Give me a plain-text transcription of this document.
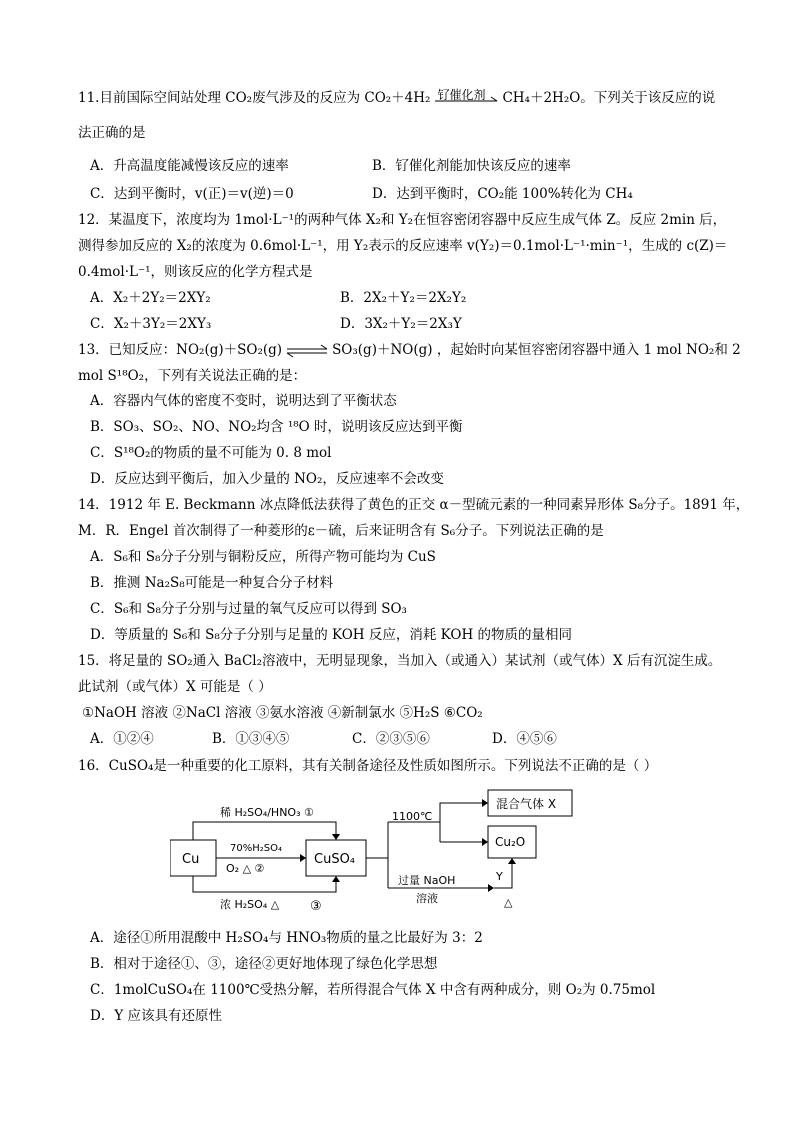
11.目前国际空间站处理 CO₂废气涉及的反应为 CO₂＋4H₂ 钌催化剂 CH₄＋2H₂O。下列关于该反应的说
法正确的是
A．升高温度能减慢该反应的速率	B．钌催化剂能加快该反应的速率
C．达到平衡时，v(正)＝v(逆)＝0	D．达到平衡时，CO₂能 100%转化为 CH₄
12．某温度下，浓度均为 1mol·L⁻¹的两种气体 X₂和 Y₂在恒容密闭容器中反应生成气体 Z。反应 2min 后，
测得参加反应的 X₂的浓度为 0.6mol·L⁻¹，用 Y₂表示的反应速率 v(Y₂)＝0.1mol·L⁻¹·min⁻¹，生成的 c(Z)＝
0.4mol·L⁻¹，则该反应的化学方程式是
A．X₂＋2Y₂＝2XY₂	B．2X₂＋Y₂＝2X₂Y₂
C．X₂＋3Y₂＝2XY₃	D．3X₂＋Y₂＝2X₃Y
13．已知反应：NO₂(g)＋SO₂(g) ⇌ SO₃(g)＋NO(g) ，起始时向某恒容密闭容器中通入 1 mol NO₂和 2
mol S¹⁸O₂，下列有关说法正确的是：
A．容器内气体的密度不变时，说明达到了平衡状态
B．SO₃、SO₂、NO、NO₂均含 ¹⁸O 时，说明该反应达到平衡
C．S¹⁸O₂的物质的量不可能为 0. 8 mol
D．反应达到平衡后，加入少量的 NO₂，反应速率不会改变
14．1912 年 E. Beckmann 冰点降低法获得了黄色的正交 α－型硫元素的一种同素异形体 S₈分子。1891 年，
M．R．Engel 首次制得了一种菱形的ε－硫，后来证明含有 S₆分子。下列说法正确的是
A．S₆和 S₈分子分别与铜粉反应，所得产物可能均为 CuS
B．推测 Na₂S₈可能是一种复合分子材料
C．S₆和 S₈分子分别与过量的氧气反应可以得到 SO₃
D．等质量的 S₆和 S₈分子分别与足量的 KOH 反应，消耗 KOH 的物质的量相同
15．将足量的 SO₂通入 BaCl₂溶液中，无明显现象，当加入（或通入）某试剂（或气体）X 后有沉淀生成。
此试剂（或气体）X 可能是（ ）
①NaOH 溶液 ②NaCl 溶液 ③氨水溶液 ④新制氯水 ⑤H₂S ⑥CO₂
A．①②④	B．①③④⑤	C．②③⑤⑥	D．④⑤⑥
16．CuSO₄是一种重要的化工原料，其有关制备途径及性质如图所示。下列说法不正确的是（ ）
Cu	CuSO₄
混合气体 X
Cu₂O
稀 H₂SO₄/HNO₃ ①
70%H₂SO₄
O₂ △ ②
浓 H₂SO₄ △ ③
1100℃
过量 NaOH
溶液
Y
△
A．途径①所用混酸中 H₂SO₄与 HNO₃物质的量之比最好为 3：2
B．相对于途径①、③，途径②更好地体现了绿色化学思想
C．1molCuSO₄在 1100℃受热分解，若所得混合气体 X 中含有两种成分，则 O₂为 0.75mol
D．Y 应该具有还原性
